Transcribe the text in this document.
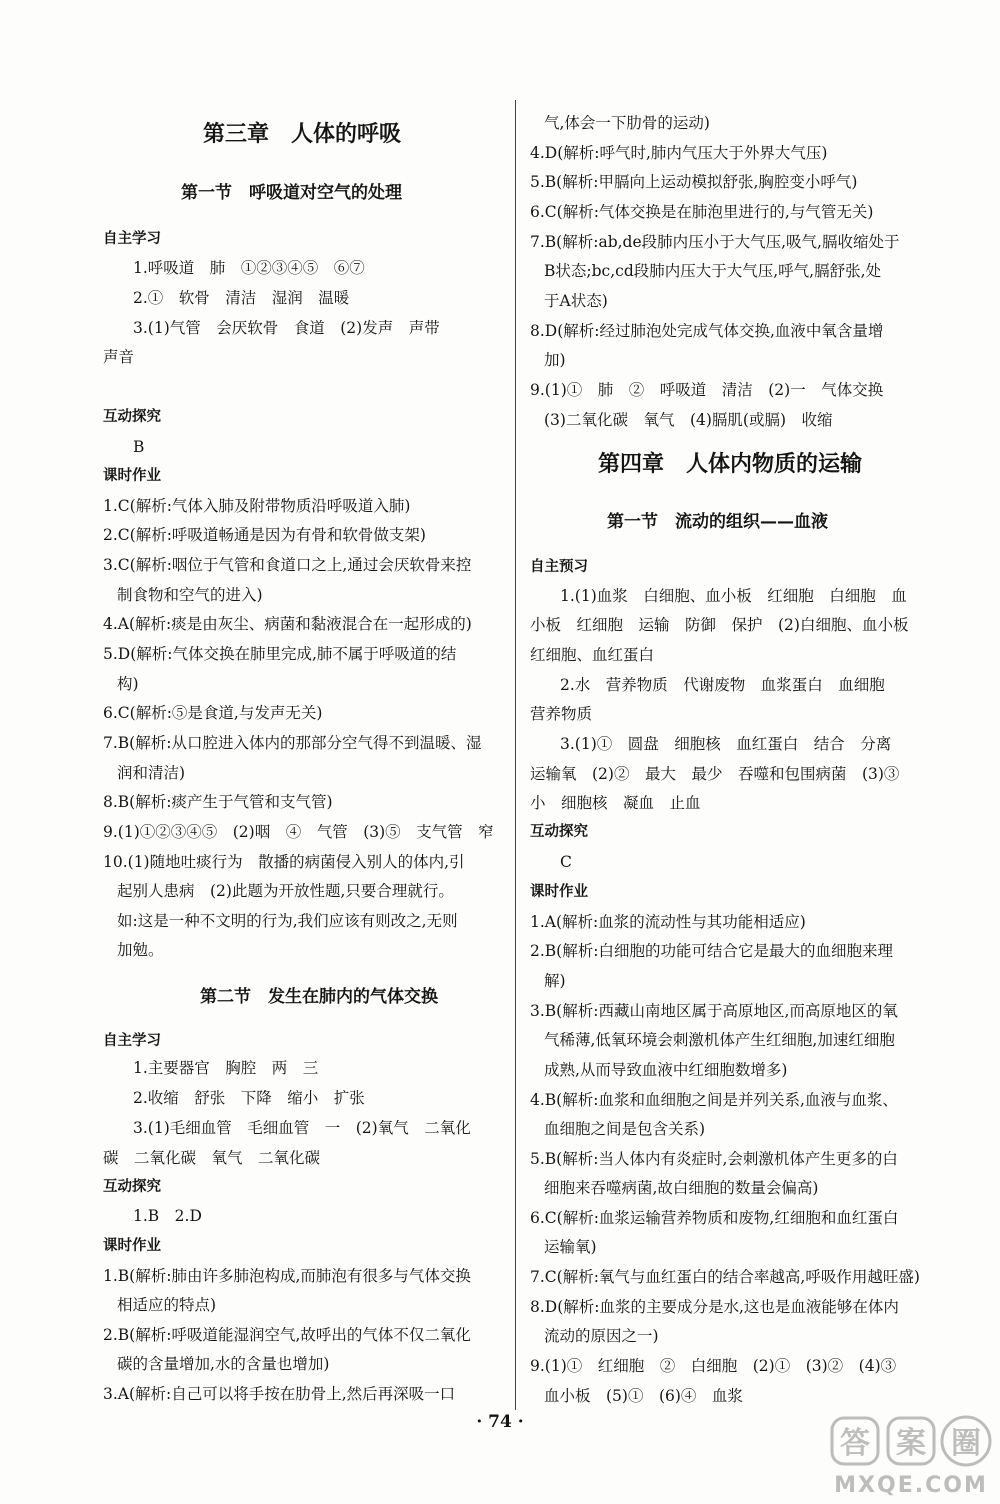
第三章　人体的呼吸
第一节　呼吸道对空气的处理
自主学习
1.呼吸道　肺　①②③④⑤　⑥⑦
2.①　软骨　清洁　湿润　温暖
3.(1)气管　会厌软骨　食道　(2)发声　声带
声音
互动探究
B
课时作业
1.C(解析:气体入肺及附带物质沿呼吸道入肺)
2.C(解析:呼吸道畅通是因为有骨和软骨做支架)
3.C(解析:咽位于气管和食道口之上,通过会厌软骨来控
制食物和空气的进入)
4.A(解析:痰是由灰尘、病菌和黏液混合在一起形成的)
5.D(解析:气体交换在肺里完成,肺不属于呼吸道的结
构)
6.C(解析:⑤是食道,与发声无关)
7.B(解析:从口腔进入体内的那部分空气得不到温暖、湿
润和清洁)
8.B(解析:痰产生于气管和支气管)
9.(1)①②③④⑤　(2)咽　④　气管　(3)⑤　支气管　窄
10.(1)随地吐痰行为　散播的病菌侵入别人的体内,引
起别人患病　(2)此题为开放性题,只要合理就行。
如:这是一种不文明的行为,我们应该有则改之,无则
加勉。
第二节　发生在肺内的气体交换
自主学习
1.主要器官　胸腔　两　三
2.收缩　舒张　下降　缩小　扩张
3.(1)毛细血管　毛细血管　一　(2)氧气　二氧化
碳　二氧化碳　氧气　二氧化碳
互动探究
1.B　2.D
课时作业
1.B(解析:肺由许多肺泡构成,而肺泡有很多与气体交换
相适应的特点)
2.B(解析:呼吸道能湿润空气,故呼出的气体不仅二氧化
碳的含量增加,水的含量也增加)
3.A(解析:自己可以将手按在肋骨上,然后再深吸一口
气,体会一下肋骨的运动)
4.D(解析:呼气时,肺内气压大于外界大气压)
5.B(解析:甲膈向上运动模拟舒张,胸腔变小呼气)
6.C(解析:气体交换是在肺泡里进行的,与气管无关)
7.B(解析:ab,de段肺内压小于大气压,吸气,膈收缩处于
B状态;bc,cd段肺内压大于大气压,呼气,膈舒张,处
于A状态)
8.D(解析:经过肺泡处完成气体交换,血液中氧含量增
加)
9.(1)①　肺　②　呼吸道　清洁　(2)一　气体交换
(3)二氧化碳　氧气　(4)膈肌(或膈)　收缩
第四章　人体内物质的运输
第一节　流动的组织——血液
自主预习
1.(1)血浆　白细胞、血小板　红细胞　白细胞　血
小板　红细胞　运输　防御　保护　(2)白细胞、血小板
红细胞、血红蛋白
2.水　营养物质　代谢废物　血浆蛋白　血细胞
营养物质
3.(1)①　圆盘　细胞核　血红蛋白　结合　分离
运输氧　(2)②　最大　最少　吞噬和包围病菌　(3)③
小　细胞核　凝血　止血
互动探究
C
课时作业
1.A(解析:血浆的流动性与其功能相适应)
2.B(解析:白细胞的功能可结合它是最大的血细胞来理
解)
3.B(解析:西藏山南地区属于高原地区,而高原地区的氧
气稀薄,低氧环境会刺激机体产生红细胞,加速红细胞
成熟,从而导致血液中红细胞数增多)
4.B(解析:血浆和血细胞之间是并列关系,血液与血浆、
血细胞之间是包含关系)
5.B(解析:当人体内有炎症时,会刺激机体产生更多的白
细胞来吞噬病菌,故白细胞的数量会偏高)
6.C(解析:血浆运输营养物质和废物,红细胞和血红蛋白
运输氧)
7.C(解析:氧气与血红蛋白的结合率越高,呼吸作用越旺盛)
8.D(解析:血浆的主要成分是水,这也是血液能够在体内
流动的原因之一)
9.(1)①　红细胞　②　白细胞　(2)①　(3)②　(4)③
血小板　(5)①　(6)④　血浆
· 74 ·
答 案 圈
MXQE.COM
